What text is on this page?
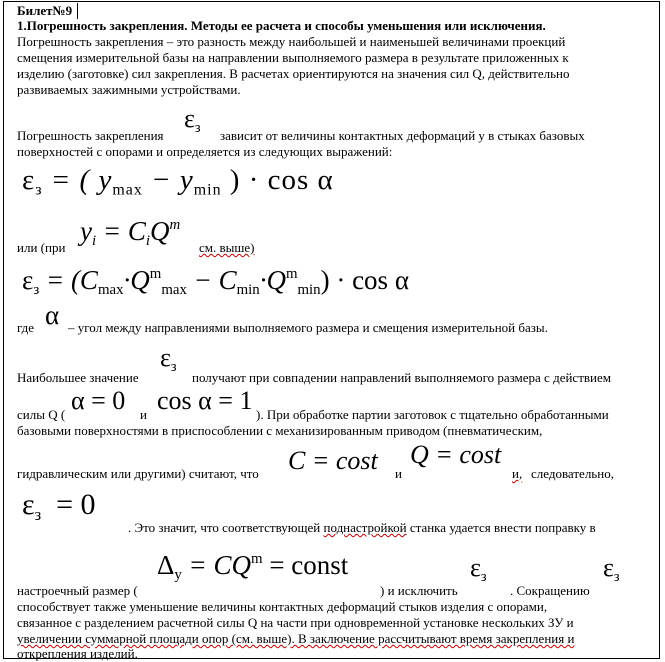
Билет№9
1.Погрешность закрепления. Методы ее расчета и способы уменьшения или исключения.
Погрешность закрепления – это разность между наибольшей и наименьшей величинами проекций
смещения измерительной базы на направлении выполняемого размера в результате приложенных к
изделию (заготовке) сил закрепления. В расчетах ориентируются на значения сил Q, действительно
развиваемых зажимными устройствами.
Погрешность закрепления
$\varepsilon_з$ зависит от величины контактных деформаций y в стыках базовых
поверхностей с опорами и определяется из следующих выражений:
$\varepsilon_з$ = ( $y_{max} - y_{min}$ ) · cos α
или (при
$y_i = C_iQ^m$
см. выше)
$\varepsilon_з = (C_{max}\cdot Q^m_{max} - C_{min}\cdot Q^m_{min}) \cdot \cos \alpha$
где α – угол между направлениями выполняемого размера и смещения измерительной базы.
Наибольшее значение
$\varepsilon_з$
получают при совпадении направлений выполняемого размера с действием
силы Q ( α = 0 и cos α = 1 ). При обработке партии заготовок с тщательно обработанными
базовыми поверхностями в приспособлении с механизированным приводом (пневматическим,
гидравлическим или другими) считают, что C = cost и
Q = cost
и, следовательно,
$\varepsilon_з = 0$
. Это значит, что соответствующей поднастройкой станка удается внести поправку в
настроечный размер (
$\Delta_у = CQ^m$ = const
) и исключить
$\varepsilon_з$
. Сокращению
$\varepsilon_з$
способствует также уменьшение величины контактных деформаций стыков изделия с опорами,
связанное с разделением расчетной силы Q на части при одновременной установке нескольких ЗУ и
увеличении суммарной площади опор (см. выше). В заключение рассчитывают время закрепления и
открепления изделий.
